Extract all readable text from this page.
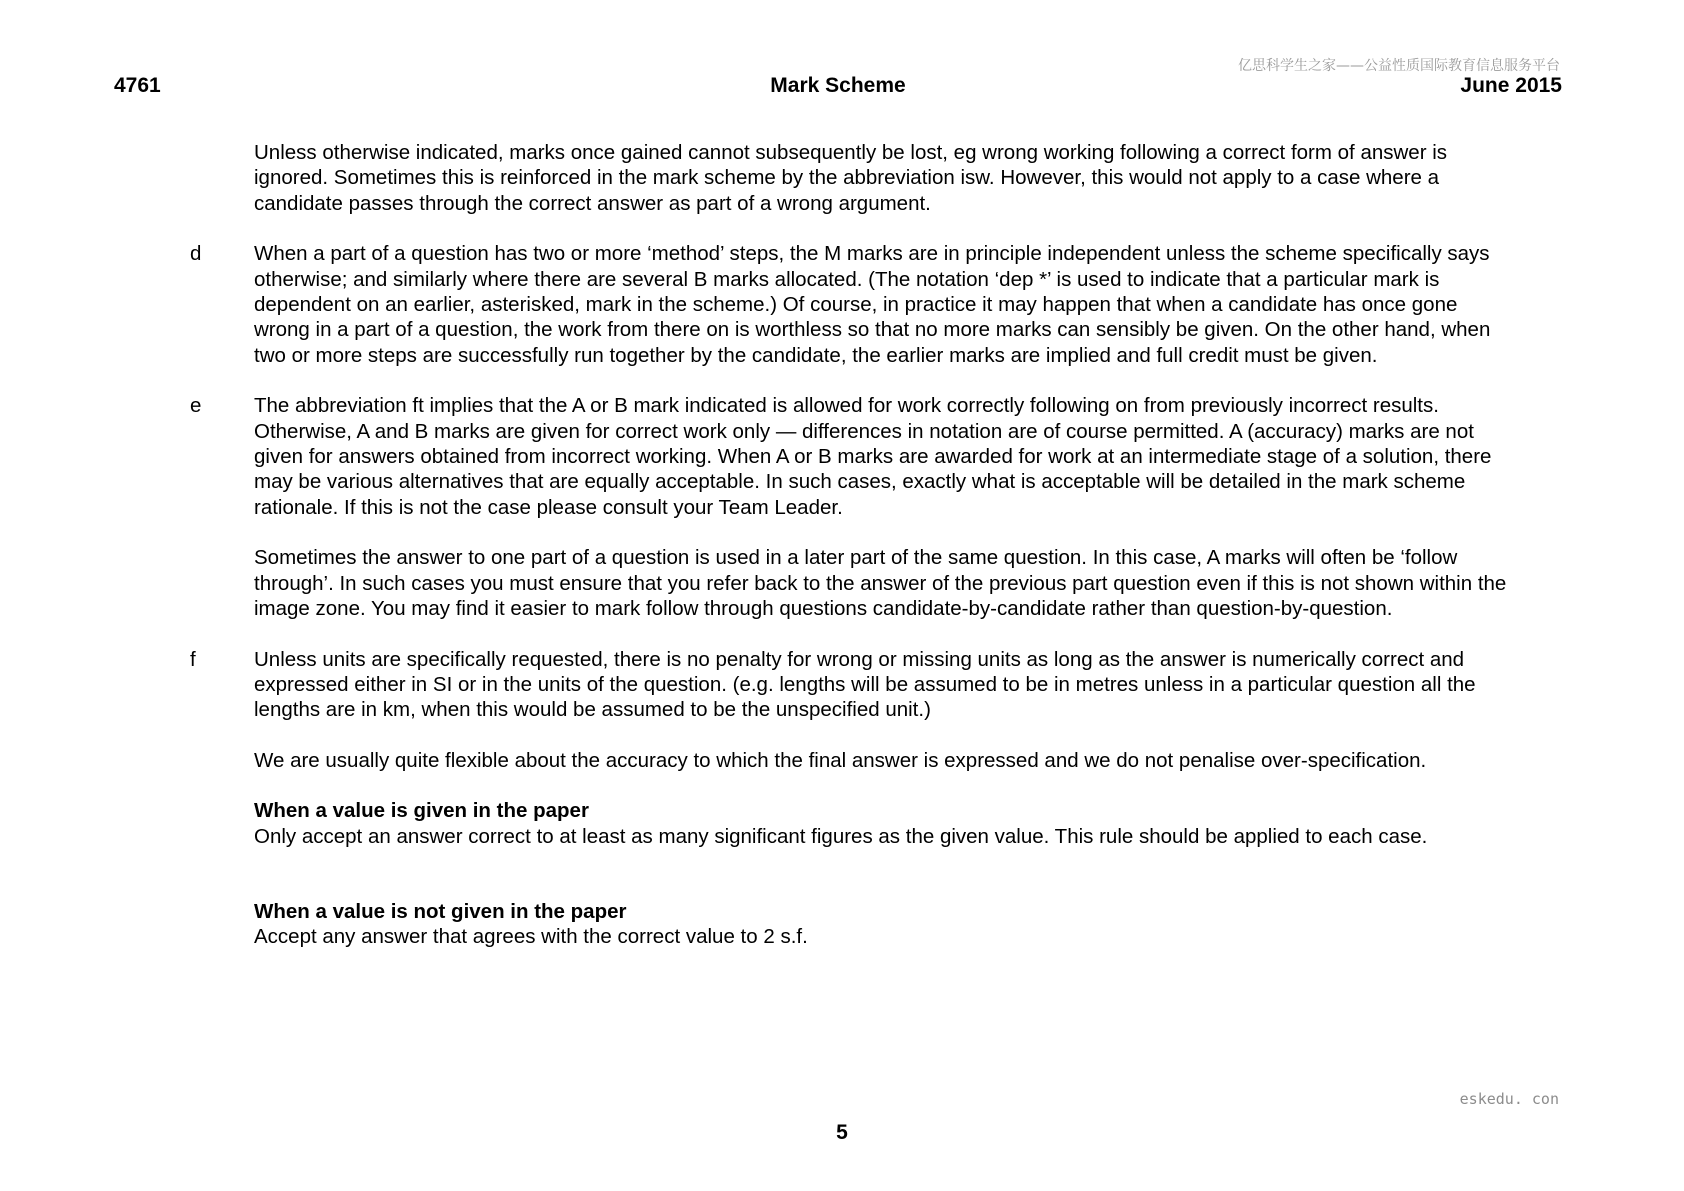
亿思科学生之家——公益性质国际教育信息服务平台
4761	Mark Scheme	June 2015
Unless otherwise indicated, marks once gained cannot subsequently be lost, eg wrong working following a correct form of answer is ignored. Sometimes this is reinforced in the mark scheme by the abbreviation isw. However, this would not apply to a case where a candidate passes through the correct answer as part of a wrong argument.
d	When a part of a question has two or more ‘method’ steps, the M marks are in principle independent unless the scheme specifically says otherwise; and similarly where there are several B marks allocated. (The notation ‘dep *’ is used to indicate that a particular mark is dependent on an earlier, asterisked, mark in the scheme.) Of course, in practice it may happen that when a candidate has once gone wrong in a part of a question, the work from there on is worthless so that no more marks can sensibly be given. On the other hand, when two or more steps are successfully run together by the candidate, the earlier marks are implied and full credit must be given.
e	The abbreviation ft implies that the A or B mark indicated is allowed for work correctly following on from previously incorrect results. Otherwise, A and B marks are given for correct work only — differences in notation are of course permitted. A (accuracy) marks are not given for answers obtained from incorrect working. When A or B marks are awarded for work at an intermediate stage of a solution, there may be various alternatives that are equally acceptable. In such cases, exactly what is acceptable will be detailed in the mark scheme rationale. If this is not the case please consult your Team Leader.
Sometimes the answer to one part of a question is used in a later part of the same question. In this case, A marks will often be ‘follow through’. In such cases you must ensure that you refer back to the answer of the previous part question even if this is not shown within the image zone. You may find it easier to mark follow through questions candidate-by-candidate rather than question-by-question.
f	Unless units are specifically requested, there is no penalty for wrong or missing units as long as the answer is numerically correct and expressed either in SI or in the units of the question. (e.g. lengths will be assumed to be in metres unless in a particular question all the lengths are in km, when this would be assumed to be the unspecified unit.)
We are usually quite flexible about the accuracy to which the final answer is expressed and we do not penalise over-specification.
When a value is given in the paper
Only accept an answer correct to at least as many significant figures as the given value. This rule should be applied to each case.
When a value is not given in the paper
Accept any answer that agrees with the correct value to 2 s.f.
eskedu. con
5
